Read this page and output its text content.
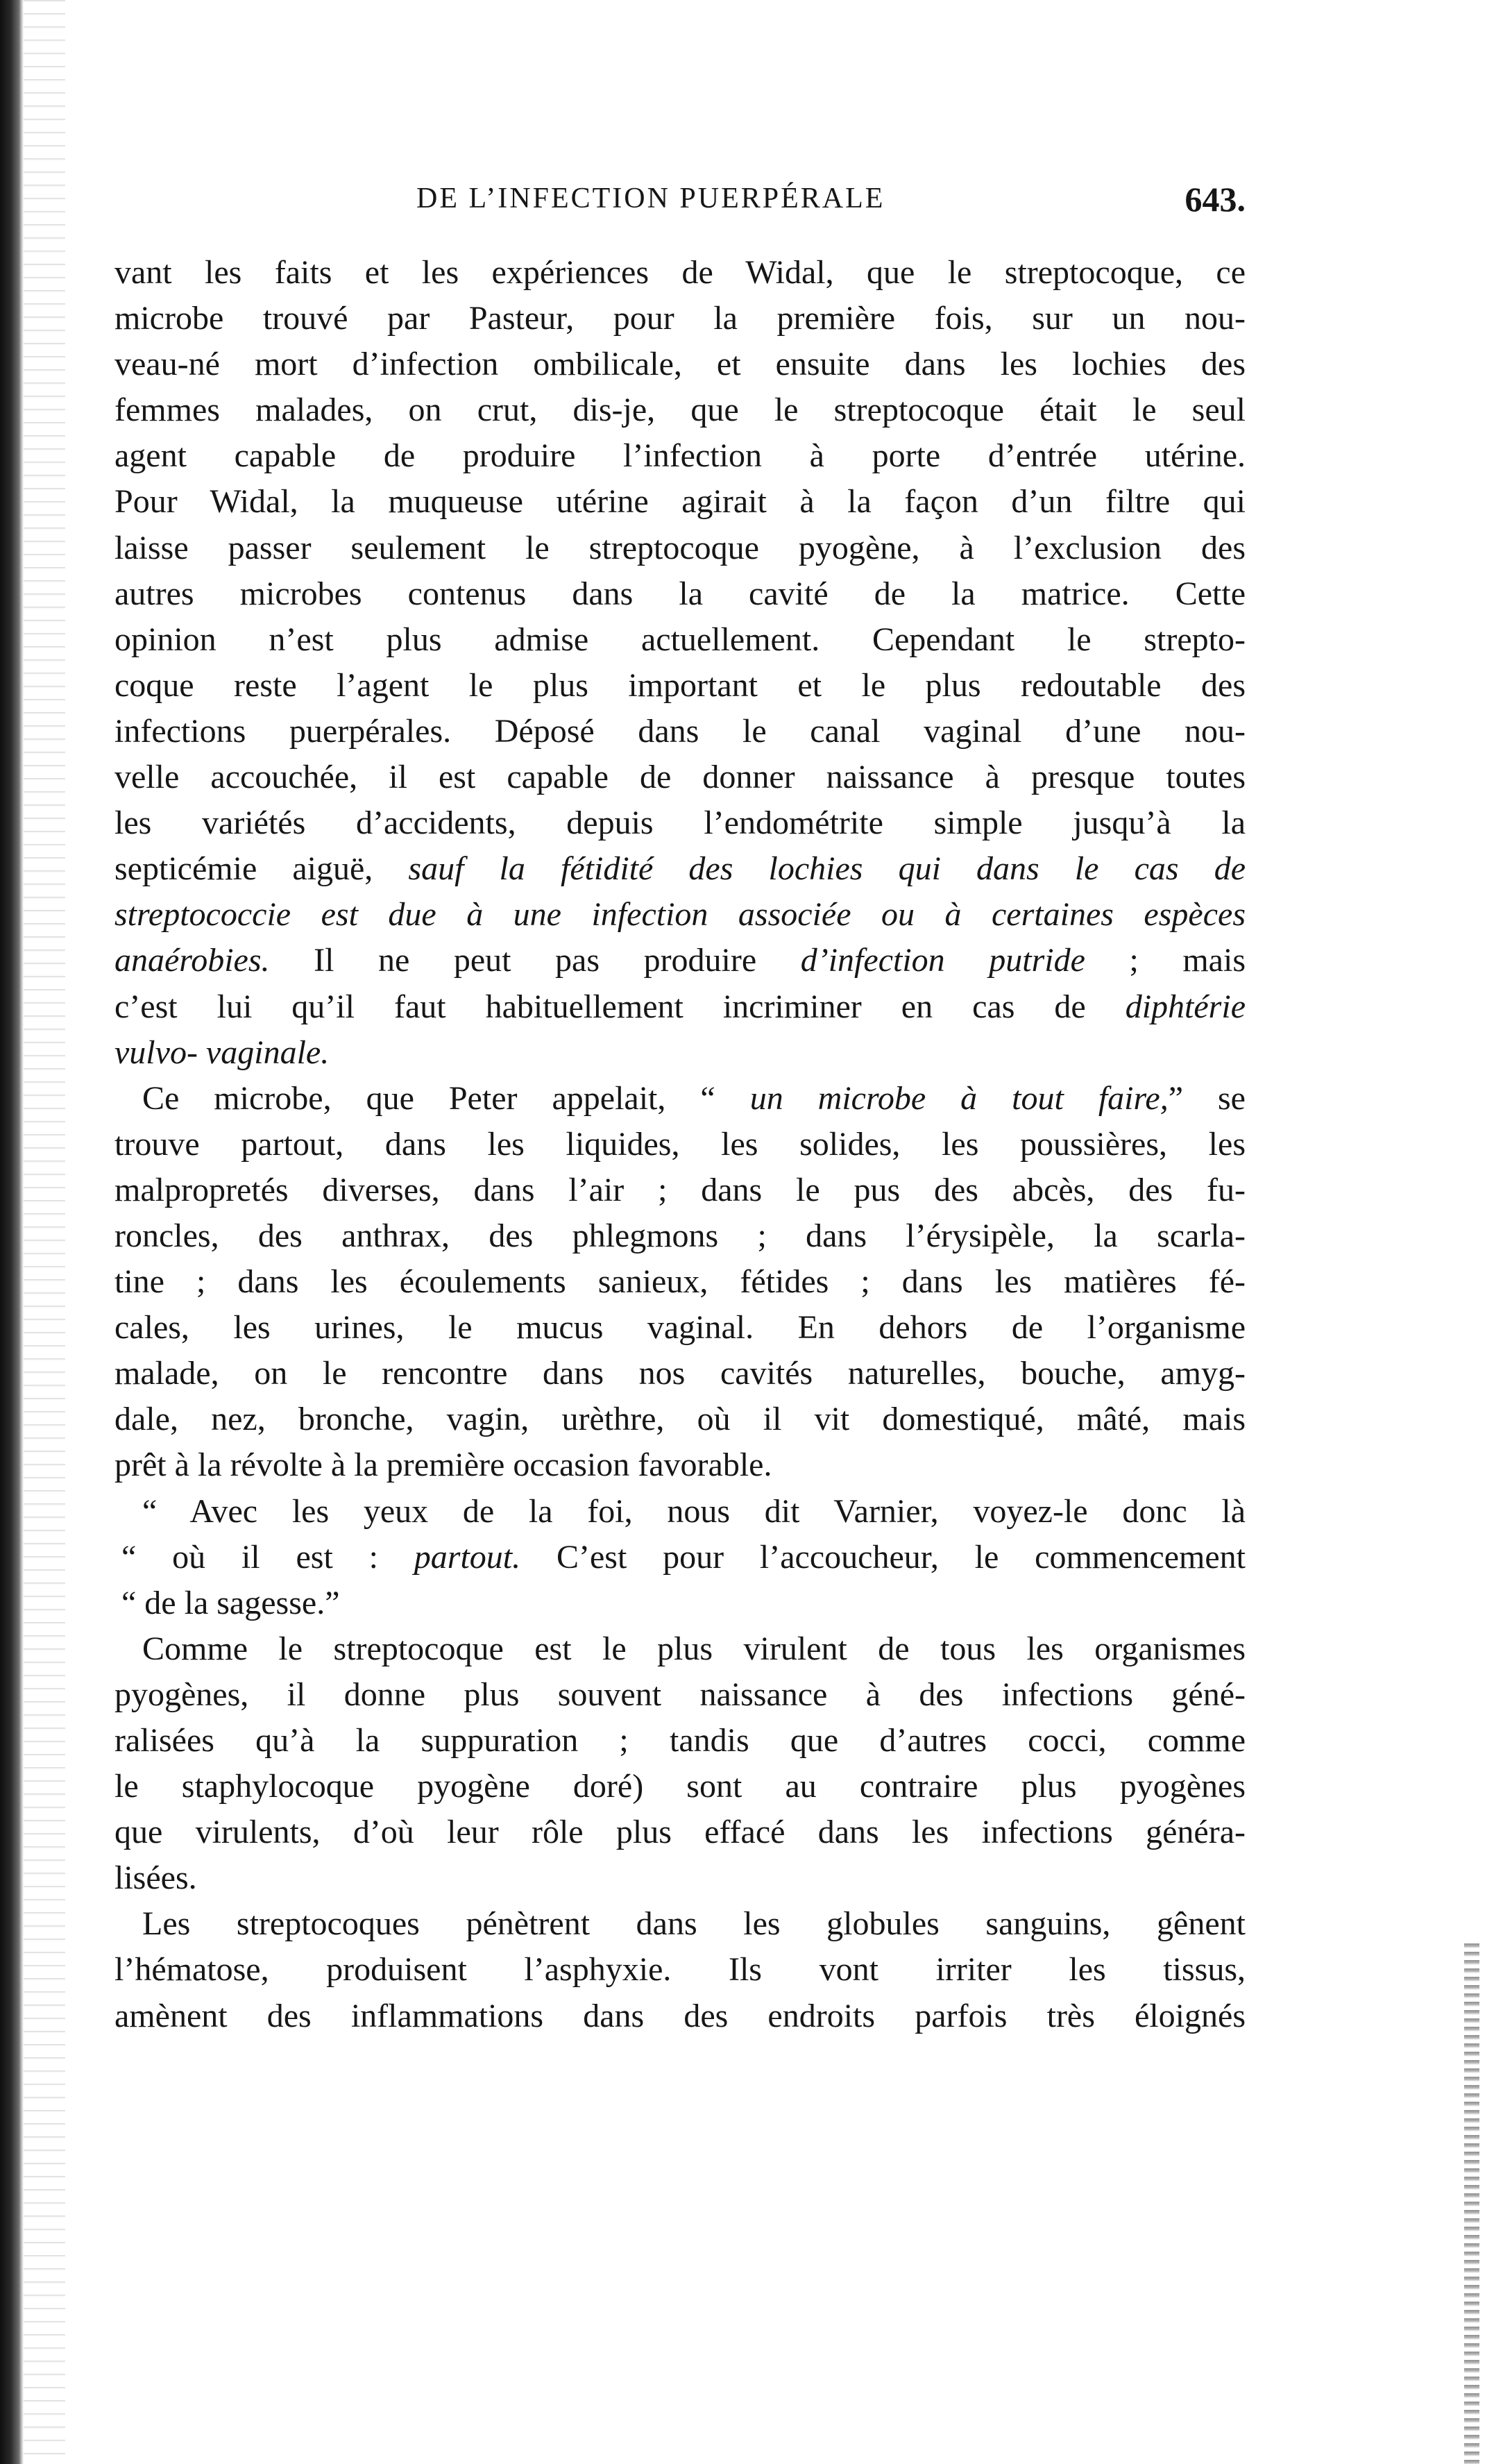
DE L’INFECTION PUERPÉRALE	643.
vant les faits et les expériences de Widal, que le streptocoque, ce
microbe trouvé par Pasteur, pour la première fois, sur un nou-
veau-né mort d’infection ombilicale, et ensuite dans les lochies des
femmes malades, on crut, dis-je, que le streptocoque était le seul
agent capable de produire l’infection à porte d’entrée utérine.
Pour Widal, la muqueuse utérine agirait à la façon d’un filtre qui
laisse passer seulement le streptocoque pyogène, à l’exclusion des
autres microbes contenus dans la cavité de la matrice. Cette
opinion n’est plus admise actuellement. Cependant le strepto-
coque reste l’agent le plus important et le plus redoutable des
infections puerpérales. Déposé dans le canal vaginal d’une nou-
velle accouchée, il est capable de donner naissance à presque toutes
les variétés d’accidents, depuis l’endométrite simple jusqu’à la
septicémie aiguë, sauf la fétidité des lochies qui dans le cas de
streptococcie est due à une infection associée ou à certaines espèces
anaérobies. Il ne peut pas produire d’infection putride ; mais
c’est lui qu’il faut habituellement incriminer en cas de diphtérie
vulvo- vaginale.
Ce microbe, que Peter appelait, “ un microbe à tout faire,” se
trouve partout, dans les liquides, les solides, les poussières, les
malpropretés diverses, dans l’air ; dans le pus des abcès, des fu-
roncles, des anthrax, des phlegmons ; dans l’érysipèle, la scarla-
tine ; dans les écoulements sanieux, fétides ; dans les matières fé-
cales, les urines, le mucus vaginal. En dehors de l’organisme
malade, on le rencontre dans nos cavités naturelles, bouche, amyg-
dale, nez, bronche, vagin, urèthre, où il vit domestiqué, mâté, mais
prêt à la révolte à la première occasion favorable.
“ Avec les yeux de la foi, nous dit Varnier, voyez-le donc là
“ où il est : partout. C’est pour l’accoucheur, le commencement
“ de la sagesse.”
Comme le streptocoque est le plus virulent de tous les organismes
pyogènes, il donne plus souvent naissance à des infections géné-
ralisées qu’à la suppuration ; tandis que d’autres cocci, comme
le staphylocoque pyogène doré) sont au contraire plus pyogènes
que virulents, d’où leur rôle plus effacé dans les infections généra-
lisées.
Les streptocoques pénètrent dans les globules sanguins, gênent
l’hématose, produisent l’asphyxie. Ils vont irriter les tissus,
amènent des inflammations dans des endroits parfois très éloignés
